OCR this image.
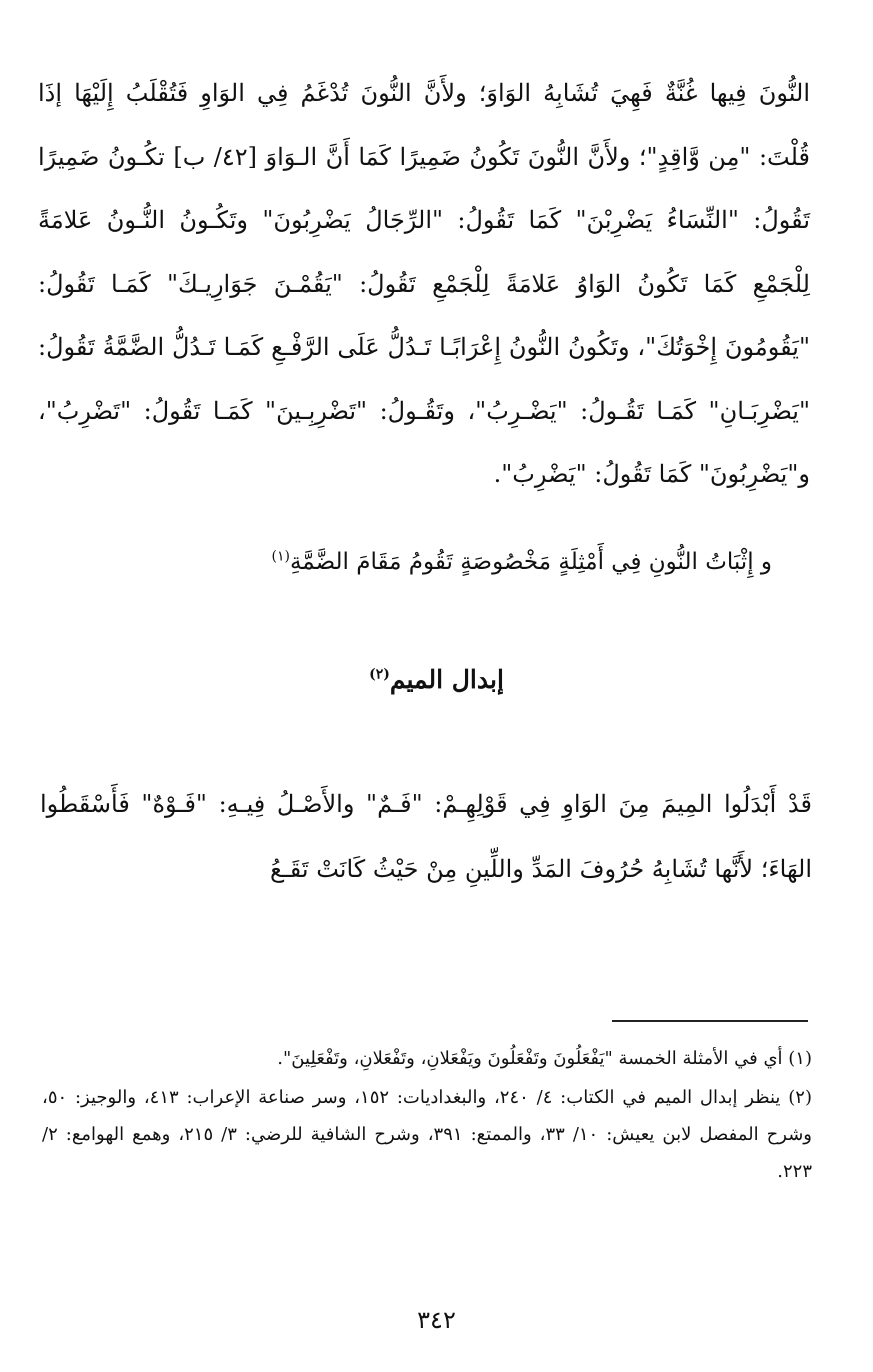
النُّونَ فِيها غُنَّةٌ فَهِيَ تُشَابِهُ الوَاوَ؛ ولأَنَّ النُّونَ تُدْغَمُ فِي الوَاوِ فَتُقْلَبُ إِلَيْهَا إذَا قُلْتَ: "مِن وَّاقِدٍ"؛ ولأَنَّ النُّونَ تَكُونُ ضَمِيرًا كَمَا أَنَّ الـوَاوَ [٤٢/ ب] تكُـونُ ضَمِيرًا تَقُولُ: "النِّسَاءُ يَضْرِبْنَ" كَمَا تَقُولُ: "الرِّجَالُ يَضْرِبُونَ" وتَكُـونُ النُّـونُ عَلامَةً لِلْجَمْعِ كَمَا تَكُونُ الوَاوُ عَلامَةً لِلْجَمْعِ تَقُولُ: "يَقُمْـنَ جَوَارِيـكَ" كَمَـا تَقُولُ: "يَقُومُونَ إِخْوَتُكَ"، وتَكُونُ النُّونُ إِعْرَابًـا تَـدُلُّ عَلَى الرَّفْـعِ كَمَـا تَـدُلُّ الضَّمَّةُ تَقُولُ: "يَضْرِبَـانِ" كَمَـا تَقُـولُ: "يَضْـرِبُ"، وتَقُـولُ: "تَضْرِبِـينَ" كَمَـا تَقُولُ: "تَضْرِبُ"، و"يَضْرِبُونَ" كَمَا تَقُولُ: "يَضْرِبُ".

و إِثْبَاتُ النُّونِ فِي أَمْثِلَةٍ مَخْصُوصَةٍ تَقُومُ مَقَامَ الضَّمَّةِ$^{(١)}$

إبدال الميم$^{(٢)}$

قَدْ أَبْدَلُوا المِيمَ مِنَ الوَاوِ فِي قَوْلِهِـمْ: "فَـمٌ" والأَصْـلُ فِيـهِ: "فَـوْهٌ" فَأَسْقَطُوا الهَاءَ؛ لأَنَّها تُشَابِهُ حُرُوفَ المَدِّ واللِّينِ مِنْ حَيْثُ كَانَتْ تَقَـعُ

(١) أي في الأمثلة الخمسة "يَفْعَلُونَ وتَفْعَلُونَ ويَفْعَلانِ، وتَفْعَلانِ، وتَفْعَلِينَ".

(٢) ينظر إبدال الميم في الكتاب: ٤/ ٢٤٠، والبغداديات: ١٥٢، وسر صناعة الإعراب: ٤١٣، والوجيز: ٥٠، وشرح المفصل لابن يعيش: ١٠/ ٣٣، والممتع: ٣٩١، وشرح الشافية للرضي: ٣/ ٢١٥، وهمع الهوامع: ٢/ ٢٢٣.

٣٤٢
